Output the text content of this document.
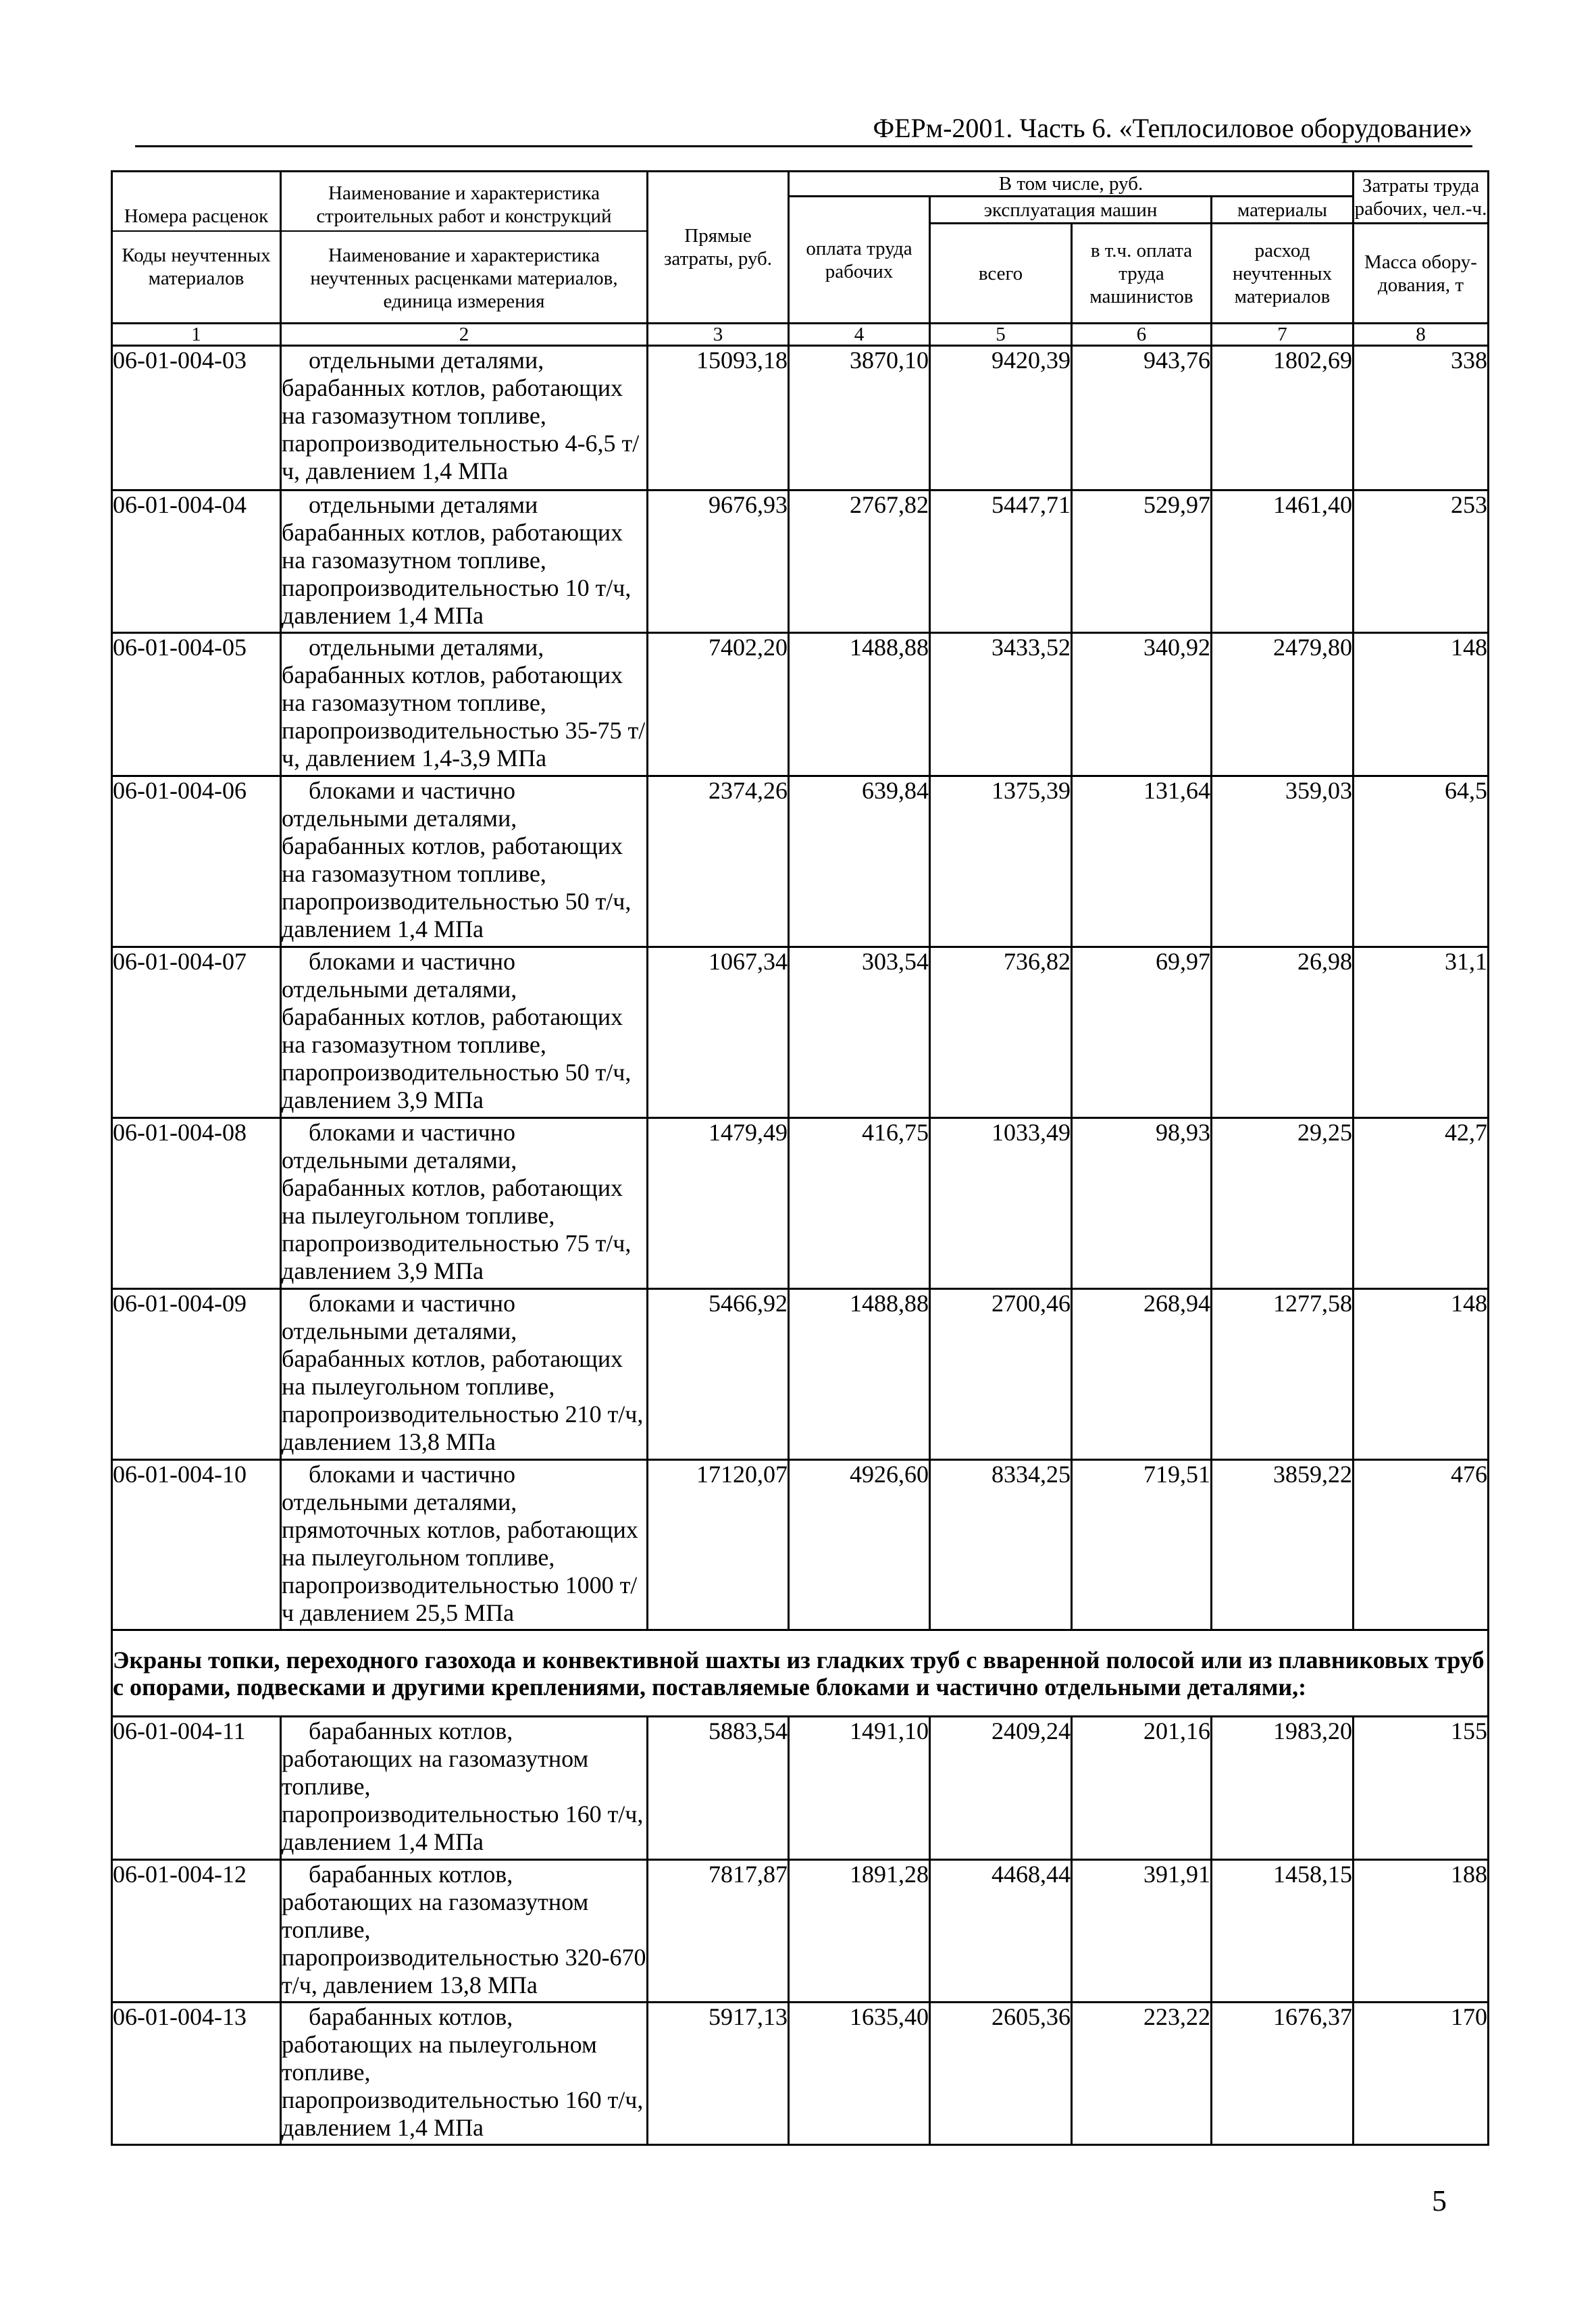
ФЕРм-2001. Часть 6. «Теплосиловое оборудование»
Номера расценок
Коды неучтенных материалов	Наименование и характеристика строительных работ и конструкций
Наименование и характеристика неучтенных расценками материалов, единица измерения	Прямые затраты, руб.	В том числе, руб.				Затраты труда рабочих, чел.-ч.
			оплата труда рабочих	эксплуатация машин		материалы	
				всего	в т.ч. оплата труда машинистов	расход неучтенных материалов	Масса обору-дования, т
1	2	3	4	5	6	7	8
06-01-004-03	отдельными деталями, барабанных котлов, работающих на газомазутном топливе, паропроизводительностью 4-6,5 т/ч, давлением 1,4 МПа	15093,18	3870,10	9420,39	943,76	1802,69	338
06-01-004-04	отдельными деталями барабанных котлов, работающих на газомазутном топливе, паропроизводительностью 10 т/ч, давлением 1,4 МПа	9676,93	2767,82	5447,71	529,97	1461,40	253
06-01-004-05	отдельными деталями, барабанных котлов, работающих на газомазутном топливе, паропроизводительностью 35-75 т/ч, давлением 1,4-3,9 МПа	7402,20	1488,88	3433,52	340,92	2479,80	148
06-01-004-06	блоками и частично отдельными деталями, барабанных котлов, работающих на газомазутном топливе, паропроизводительностью 50 т/ч, давлением 1,4 МПа	2374,26	639,84	1375,39	131,64	359,03	64,5
06-01-004-07	блоками и частично отдельными деталями, барабанных котлов, работающих на газомазутном топливе, паропроизводительностью 50 т/ч, давлением 3,9 МПа	1067,34	303,54	736,82	69,97	26,98	31,1
06-01-004-08	блоками и частично отдельными деталями, барабанных котлов, работающих на пылеугольном топливе, паропроизводительностью 75 т/ч, давлением 3,9 МПа	1479,49	416,75	1033,49	98,93	29,25	42,7
06-01-004-09	блоками и частично отдельными деталями, барабанных котлов, работающих на пылеугольном топливе, паропроизводительностью 210 т/ч, давлением 13,8 МПа	5466,92	1488,88	2700,46	268,94	1277,58	148
06-01-004-10	блоками и частично отдельными деталями, прямоточных котлов, работающих на пылеугольном топливе, паропроизводительностью 1000 т/ч давлением 25,5 МПа	17120,07	4926,60	8334,25	719,51	3859,22	476
Экраны топки, переходного газохода и конвективной шахты из гладких труб с вваренной полосой или из плавниковых труб с опорами, подвесками и другими креплениями, поставляемые блоками и частично отдельными деталями,:							
06-01-004-11	барабанных котлов, работающих на газомазутном топливе, паропроизводительностью 160 т/ч, давлением 1,4 МПа	5883,54	1491,10	2409,24	201,16	1983,20	155
06-01-004-12	барабанных котлов, работающих на газомазутном топливе, паропроизводительностью 320-670 т/ч, давлением 13,8 МПа	7817,87	1891,28	4468,44	391,91	1458,15	188
06-01-004-13	барабанных котлов, работающих на пылеугольном топливе, паропроизводительностью 160 т/ч, давлением 1,4 МПа	5917,13	1635,40	2605,36	223,22	1676,37	170
5
